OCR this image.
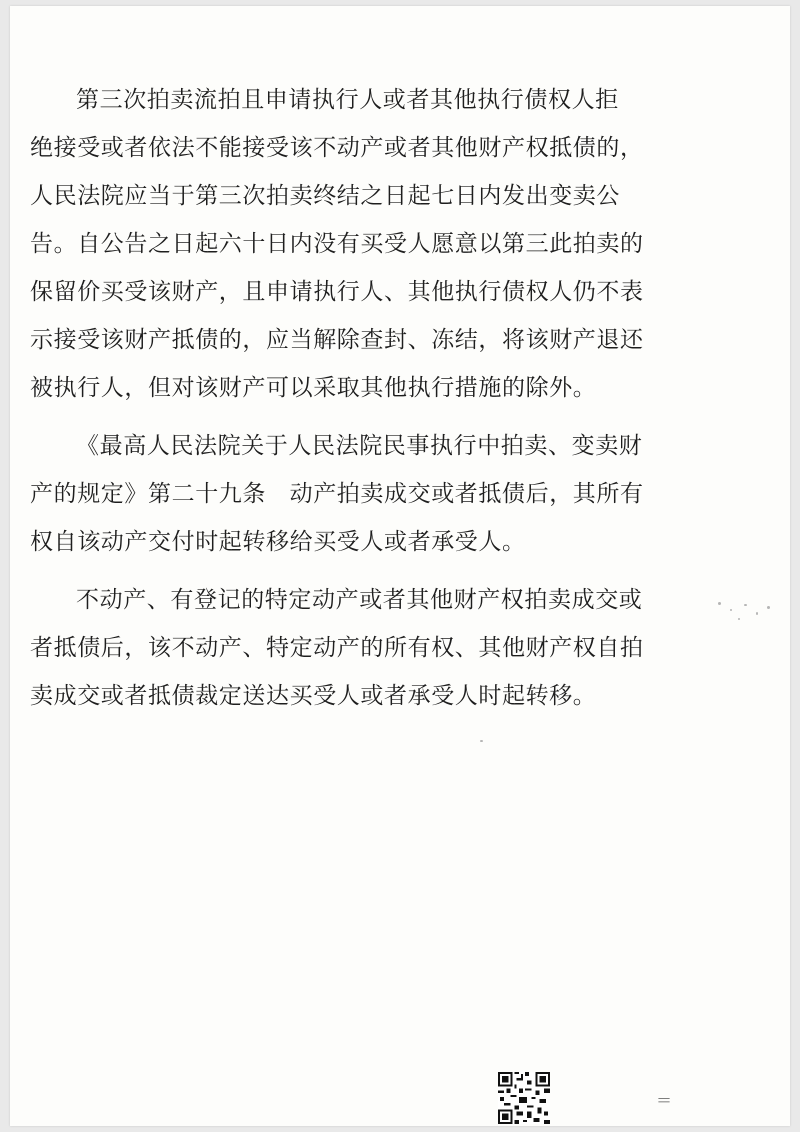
第三次拍卖流拍且申请执行人或者其他执行债权人拒

绝接受或者依法不能接受该不动产或者其他财产权抵债的，

人民法院应当于第三次拍卖终结之日起七日内发出变卖公

告。自公告之日起六十日内没有买受人愿意以第三此拍卖的

保留价买受该财产，且申请执行人、其他执行债权人仍不表

示接受该财产抵债的，应当解除查封、冻结，将该财产退还

被执行人，但对该财产可以采取其他执行措施的除外。

《最高人民法院关于人民法院民事执行中拍卖、变卖财

产的规定》第二十九条　动产拍卖成交或者抵债后，其所有

权自该动产交付时起转移给买受人或者承受人。

不动产、有登记的特定动产或者其他财产权拍卖成交或

者抵债后，该不动产、特定动产的所有权、其他财产权自拍

卖成交或者抵债裁定送达买受人或者承受人时起转移。

＝
